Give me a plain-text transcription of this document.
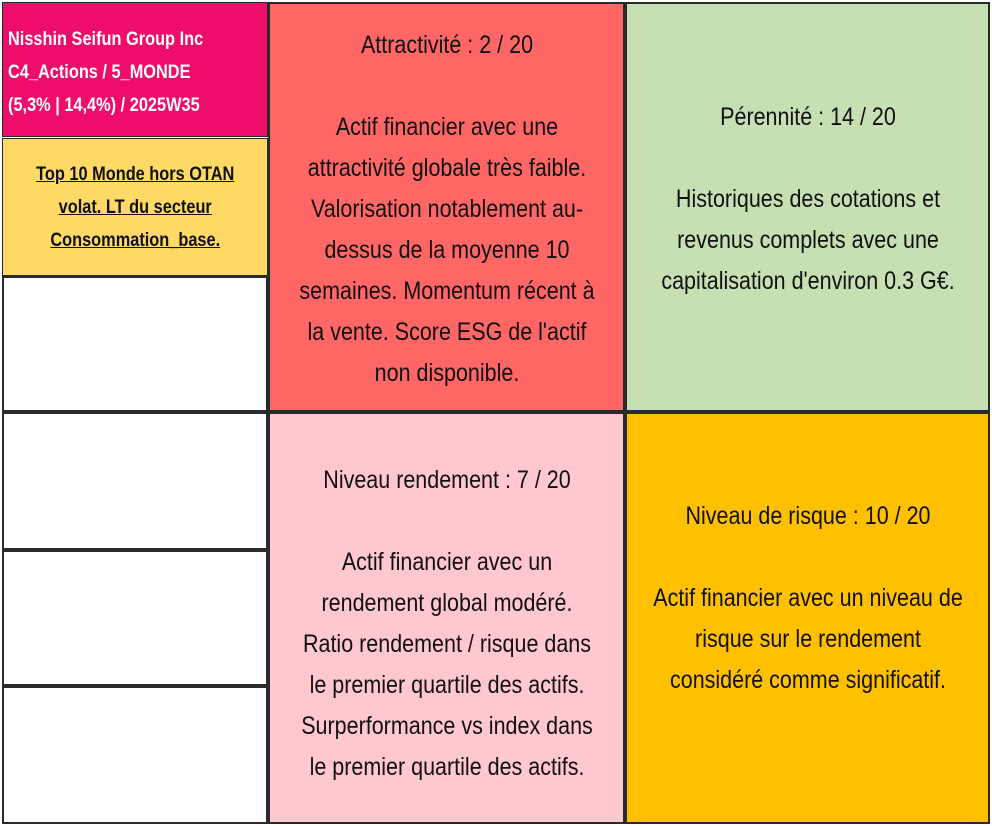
Nisshin Seifun Group Inc
C4_Actions / 5_MONDE
(5,3% | 14,4%) / 2025W35
Top 10 Monde hors OTAN
volat. LT du secteur
Consommation_base.
Attractivité : 2 / 20
Actif financier avec une
attractivité globale très faible.
Valorisation notablement au-
dessus de la moyenne 10
semaines. Momentum récent à
la vente. Score ESG de l'actif
non disponible.
Pérennité : 14 / 20
Historiques des cotations et
revenus complets avec une
capitalisation d'environ 0.3 G€.
Niveau rendement : 7 / 20
Actif financier avec un
rendement global modéré.
Ratio rendement / risque dans
le premier quartile des actifs.
Surperformance vs index dans
le premier quartile des actifs.
Niveau de risque : 10 / 20
Actif financier avec un niveau de
risque sur le rendement
considéré comme significatif.
